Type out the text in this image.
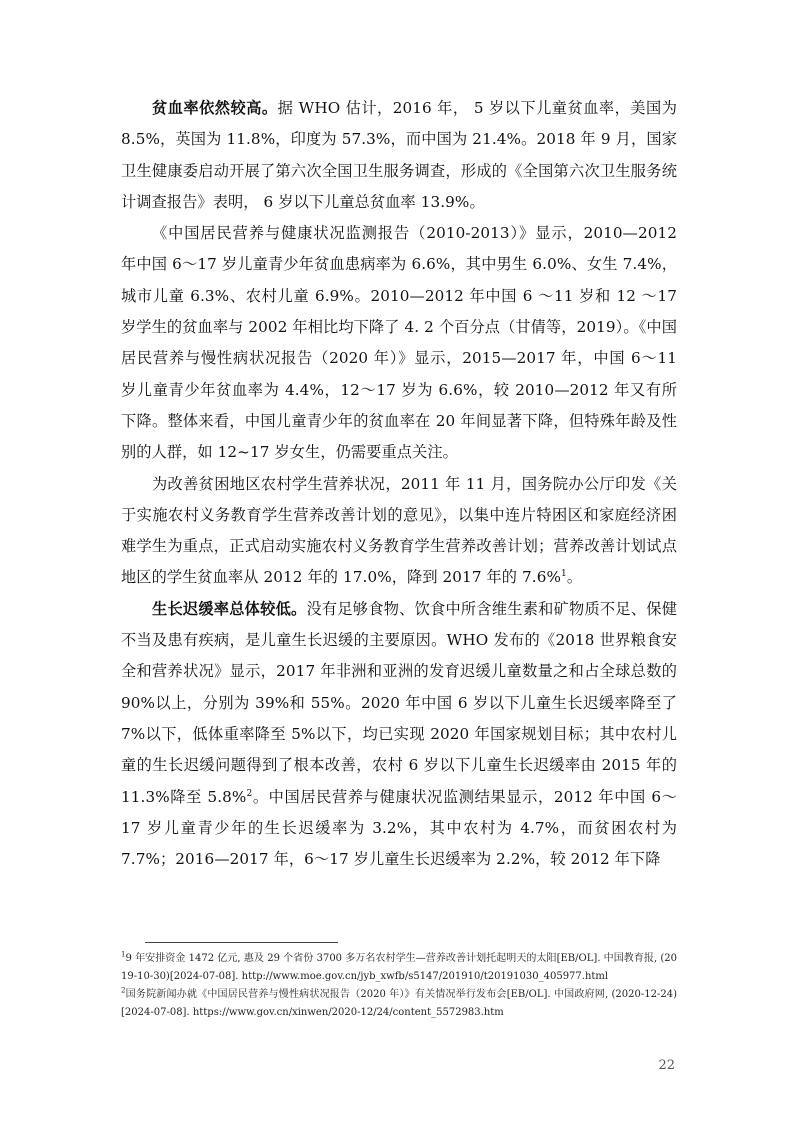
贫血率依然较高。据 WHO 估计，2016 年， 5 岁以下儿童贫血率，美国为 8.5%，英国为 11.8%，印度为 57.3%，而中国为 21.4%。2018 年 9 月，国家卫生健康委启动开展了第六次全国卫生服务调查，形成的《全国第六次卫生服务统计调查报告》表明， 6 岁以下儿童总贫血率 13.9%。

《中国居民营养与健康状况监测报告（2010-2013）》显示，2010—2012 年中国 6～17 岁儿童青少年贫血患病率为 6.6%，其中男生 6.0%、女生 7.4%，城市儿童 6.3%、农村儿童 6.9%。2010—2012 年中国 6 ～11 岁和 12 ～17 岁学生的贫血率与 2002 年相比均下降了 4. 2 个百分点（甘倩等，2019）。《中国居民营养与慢性病状况报告（2020 年）》显示，2015—2017 年，中国 6～11 岁儿童青少年贫血率为 4.4%，12～17 岁为 6.6%，较 2010—2012 年又有所下降。整体来看，中国儿童青少年的贫血率在 20 年间显著下降，但特殊年龄及性别的人群，如 12~17 岁女生，仍需要重点关注。

为改善贫困地区农村学生营养状况，2011 年 11 月，国务院办公厅印发《关于实施农村义务教育学生营养改善计划的意见》，以集中连片特困区和家庭经济困难学生为重点，正式启动实施农村义务教育学生营养改善计划；营养改善计划试点地区的学生贫血率从 2012 年的 17.0%，降到 2017 年的 7.6%$^1$。

生长迟缓率总体较低。没有足够食物、饮食中所含维生素和矿物质不足、保健不当及患有疾病，是儿童生长迟缓的主要原因。WHO 发布的《2018 世界粮食安全和营养状况》显示，2017 年非洲和亚洲的发育迟缓儿童数量之和占全球总数的 90%以上，分别为 39%和 55%。2020 年中国 6 岁以下儿童生长迟缓率降至了 7%以下，低体重率降至 5%以下，均已实现 2020 年国家规划目标；其中农村儿童的生长迟缓问题得到了根本改善，农村 6 岁以下儿童生长迟缓率由 2015 年的 11.3%降至 5.8%$^2$。中国居民营养与健康状况监测结果显示，2012 年中国 6～17 岁儿童青少年的生长迟缓率为 3.2%，其中农村为 4.7%，而贫困农村为 7.7%；2016—2017 年，6～17 岁儿童生长迟缓率为 2.2%，较 2012 年下降

$^1$9 年安排资金 1472 亿元, 惠及 29 个省份 3700 多万名农村学生—营养改善计划托起明天的太阳[EB/OL]. 中国教育报, (2019-10-30)[2024-07-08]. http://www.moe.gov.cn/jyb_xwfb/s5147/201910/t20191030_405977.html

$^2$国务院新闻办就《中国居民营养与慢性病状况报告（2020 年）》有关情况举行发布会[EB/OL]. 中国政府网, (2020-12-24)[2024-07-08]. https://www.gov.cn/xinwen/2020-12/24/content_5572983.htm

22
